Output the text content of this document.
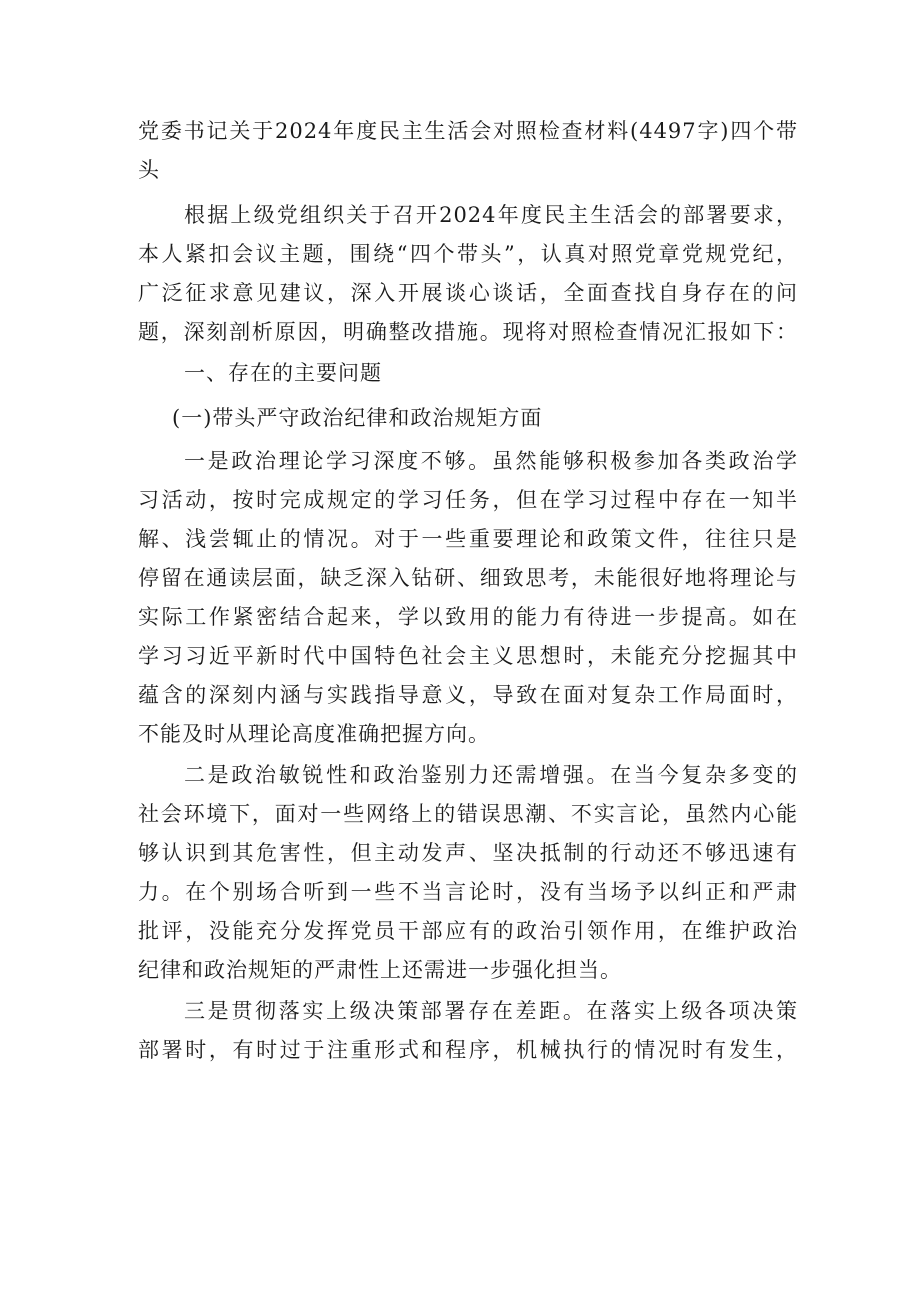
党委书记关于2024年度民主生活会对照检查材料(4497字)四个带
头
根据上级党组织关于召开2024年度民主生活会的部署要求，
本人紧扣会议主题，围绕“四个带头”，认真对照党章党规党纪，
广泛征求意见建议，深入开展谈心谈话，全面查找自身存在的问
题，深刻剖析原因，明确整改措施。现将对照检查情况汇报如下：
一、存在的主要问题
(一)带头严守政治纪律和政治规矩方面
一是政治理论学习深度不够。虽然能够积极参加各类政治学
习活动，按时完成规定的学习任务，但在学习过程中存在一知半
解、浅尝辄止的情况。对于一些重要理论和政策文件，往往只是
停留在通读层面，缺乏深入钻研、细致思考，未能很好地将理论与
实际工作紧密结合起来，学以致用的能力有待进一步提高。如在
学习习近平新时代中国特色社会主义思想时，未能充分挖掘其中
蕴含的深刻内涵与实践指导意义，导致在面对复杂工作局面时，
不能及时从理论高度准确把握方向。
二是政治敏锐性和政治鉴别力还需增强。在当今复杂多变的
社会环境下，面对一些网络上的错误思潮、不实言论，虽然内心能
够认识到其危害性，但主动发声、坚决抵制的行动还不够迅速有
力。在个别场合听到一些不当言论时，没有当场予以纠正和严肃
批评，没能充分发挥党员干部应有的政治引领作用，在维护政治
纪律和政治规矩的严肃性上还需进一步强化担当。
三是贯彻落实上级决策部署存在差距。在落实上级各项决策
部署时，有时过于注重形式和程序，机械执行的情况时有发生，
